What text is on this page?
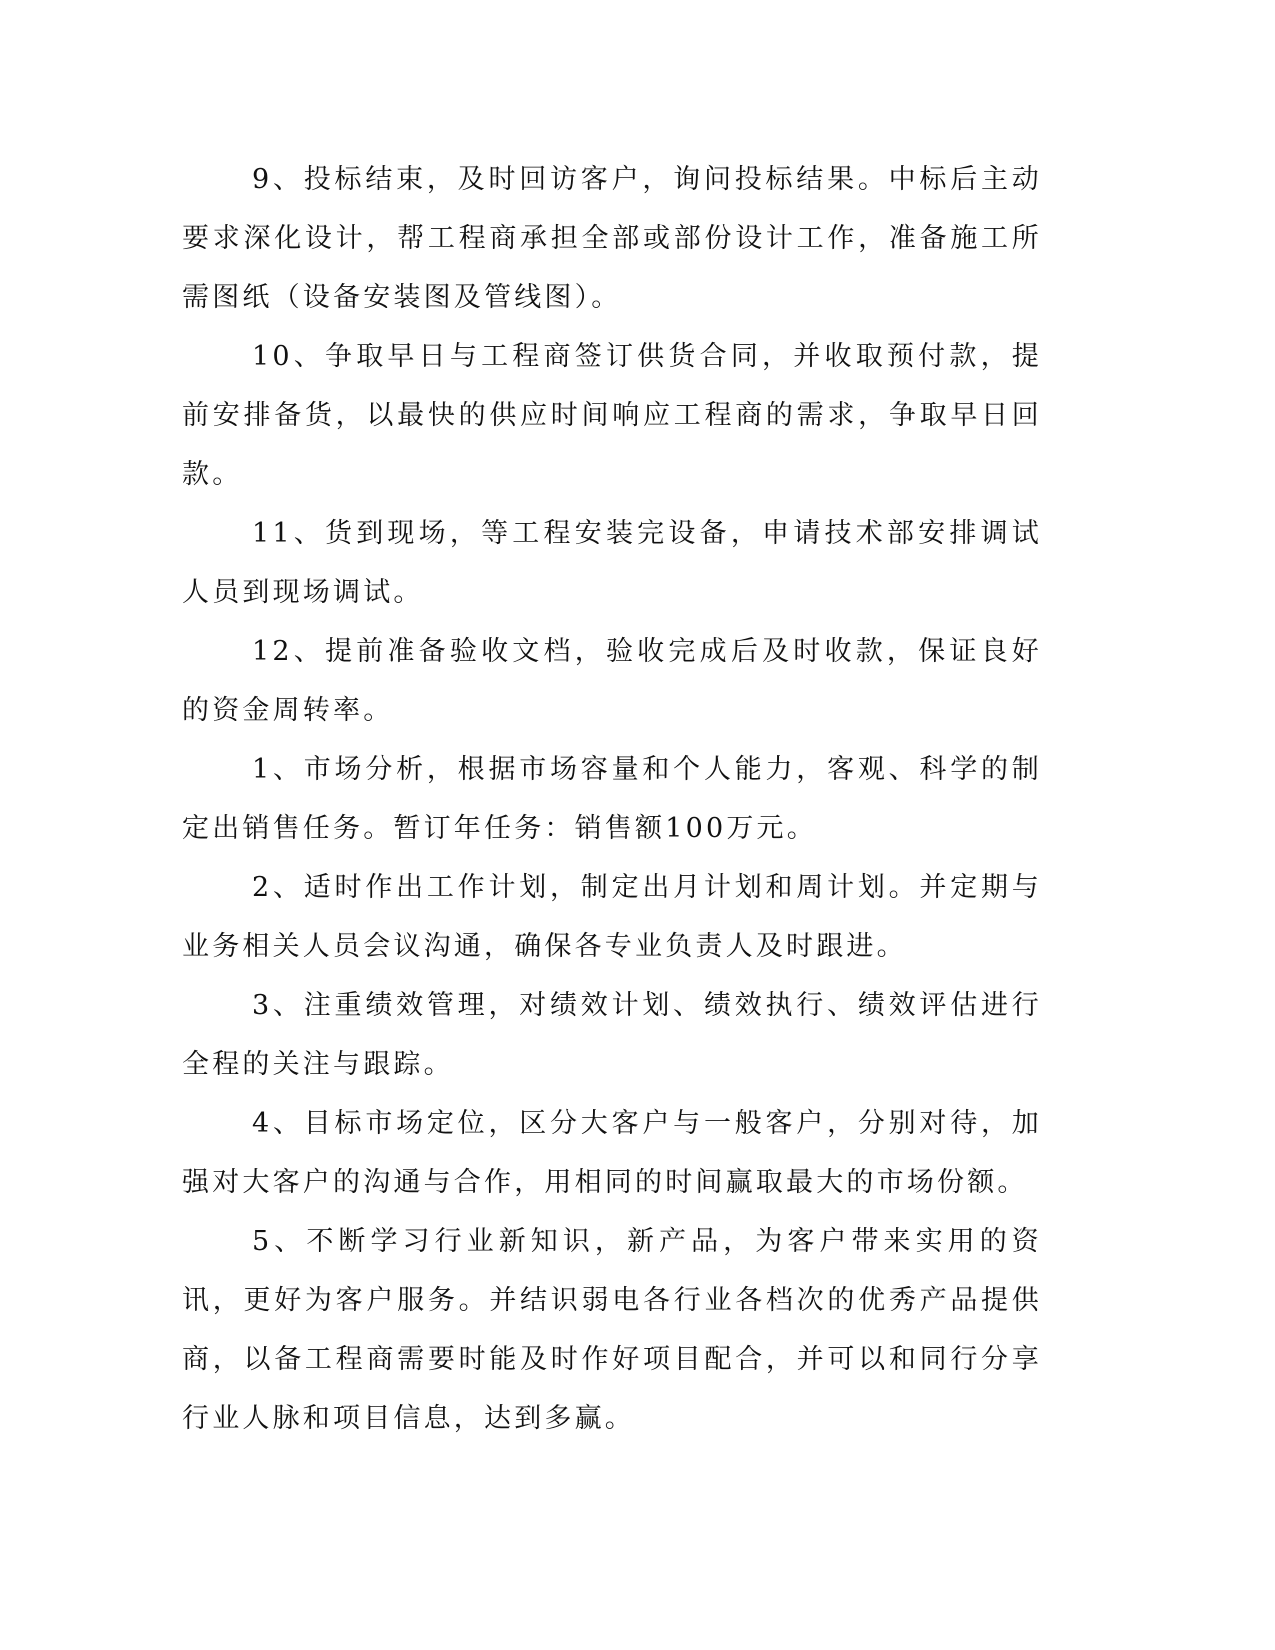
9、投标结束，及时回访客户，询问投标结果。中标后主动要求深化设计，帮工程商承担全部或部份设计工作，准备施工所需图纸（设备安装图及管线图）。

10、争取早日与工程商签订供货合同，并收取预付款，提前安排备货，以最快的供应时间响应工程商的需求，争取早日回款。

11、货到现场，等工程安装完设备，申请技术部安排调试人员到现场调试。

12、提前准备验收文档，验收完成后及时收款，保证良好的资金周转率。

1、市场分析，根据市场容量和个人能力，客观、科学的制定出销售任务。暂订年任务：销售额100万元。

2、适时作出工作计划，制定出月计划和周计划。并定期与业务相关人员会议沟通，确保各专业负责人及时跟进。

3、注重绩效管理，对绩效计划、绩效执行、绩效评估进行全程的关注与跟踪。

4、目标市场定位，区分大客户与一般客户，分别对待，加强对大客户的沟通与合作，用相同的时间赢取最大的市场份额。

5、不断学习行业新知识，新产品，为客户带来实用的资讯，更好为客户服务。并结识弱电各行业各档次的优秀产品提供商，以备工程商需要时能及时作好项目配合，并可以和同行分享行业人脉和项目信息，达到多赢。
